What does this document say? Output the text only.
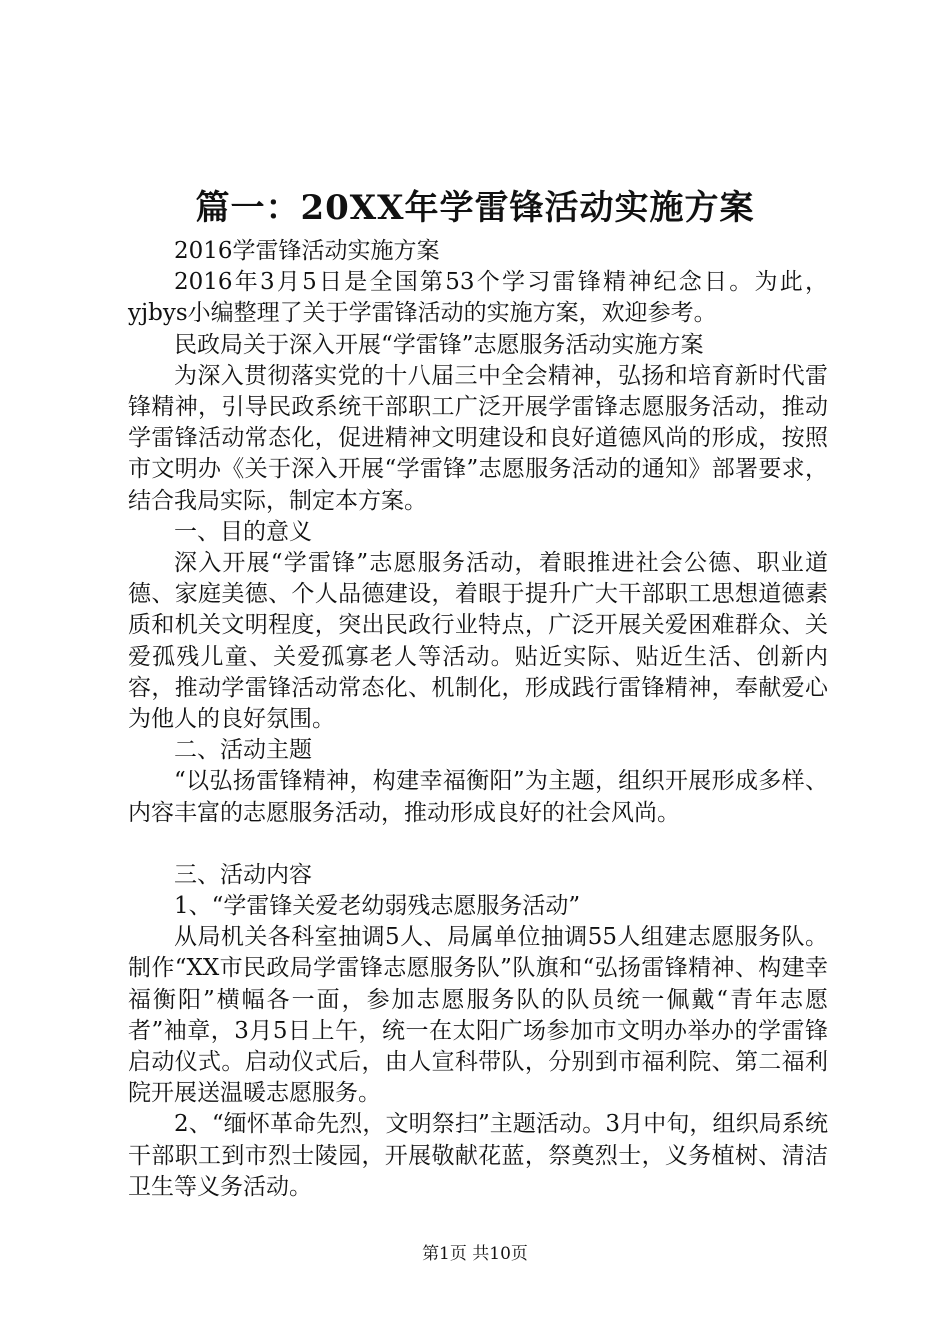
篇一：20XX年学雷锋活动实施方案

2016学雷锋活动实施方案

2016年3月5日是全国第53个学习雷锋精神纪念日。为此，yjbys小编整理了关于学雷锋活动的实施方案，欢迎参考。

民政局关于深入开展“学雷锋”志愿服务活动实施方案

为深入贯彻落实党的十八届三中全会精神，弘扬和培育新时代雷锋精神，引导民政系统干部职工广泛开展学雷锋志愿服务活动，推动学雷锋活动常态化，促进精神文明建设和良好道德风尚的形成，按照市文明办《关于深入开展“学雷锋”志愿服务活动的通知》部署要求，结合我局实际，制定本方案。

一、目的意义

深入开展“学雷锋”志愿服务活动，着眼推进社会公德、职业道德、家庭美德、个人品德建设，着眼于提升广大干部职工思想道德素质和机关文明程度，突出民政行业特点，广泛开展关爱困难群众、关爱孤残儿童、关爱孤寡老人等活动。贴近实际、贴近生活、创新内容，推动学雷锋活动常态化、机制化，形成践行雷锋精神，奉献爱心为他人的良好氛围。

二、活动主题

“以弘扬雷锋精神，构建幸福衡阳”为主题，组织开展形成多样、内容丰富的志愿服务活动，推动形成良好的社会风尚。

三、活动内容

1、“学雷锋关爱老幼弱残志愿服务活动”

从局机关各科室抽调5人、局属单位抽调55人组建志愿服务队。制作“XX市民政局学雷锋志愿服务队”队旗和“弘扬雷锋精神、构建幸福衡阳”横幅各一面，参加志愿服务队的队员统一佩戴“青年志愿者”袖章，3月5日上午，统一在太阳广场参加市文明办举办的学雷锋启动仪式。启动仪式后，由人宣科带队，分别到市福利院、第二福利院开展送温暖志愿服务。

2、“缅怀革命先烈，文明祭扫”主题活动。3月中旬，组织局系统干部职工到市烈士陵园，开展敬献花蓝，祭奠烈士，义务植树、清洁卫生等义务活动。

第1页 共10页
